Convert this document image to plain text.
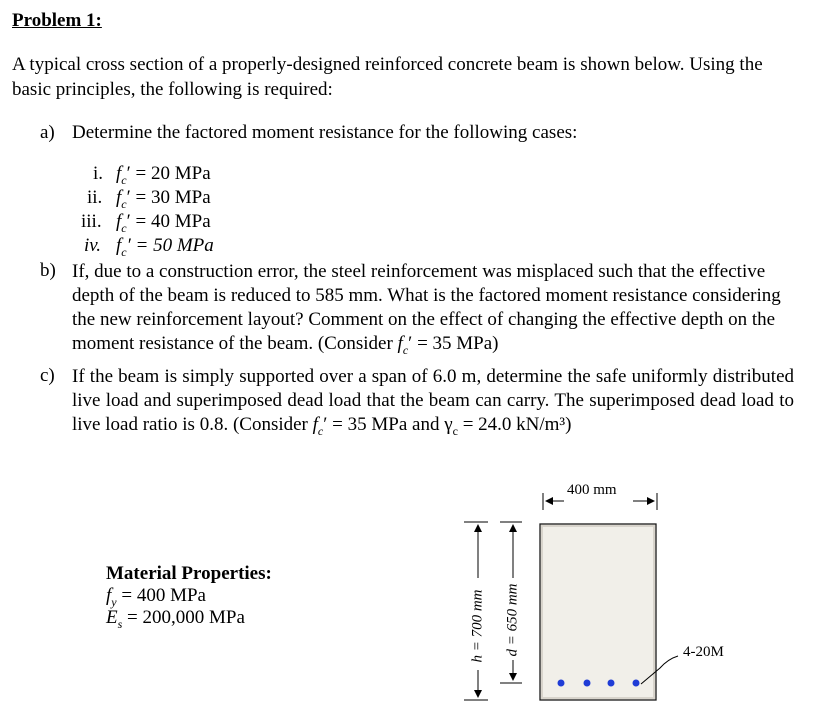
Problem 1:
A typical cross section of a properly-designed reinforced concrete beam is shown below. Using the basic principles, the following is required:
a) Determine the factored moment resistance for the following cases:
i. $f_c' = 20$ MPa
ii. $f_c' = 30$ MPa
iii. $f_c' = 40$ MPa
iv. $f_c' = 50$ MPa
b) If, due to a construction error, the steel reinforcement was misplaced such that the effective depth of the beam is reduced to 585 mm. What is the factored moment resistance considering the new reinforcement layout? Comment on the effect of changing the effective depth on the moment resistance of the beam. (Consider $f_c' = 35$ MPa)
c) If the beam is simply supported over a span of 6.0 m, determine the safe uniformly distributed live load and superimposed dead load that the beam can carry. The superimposed dead load to live load ratio is 0.8. (Consider $f_c' = 35$ MPa and $\gamma_c = 24.0$ kN/m³)
Material Properties:
$f_y = 400$ MPa
$E_s = 200,000$ MPa
400 mm
4-20M
h = 700 mm d = 650 mm
